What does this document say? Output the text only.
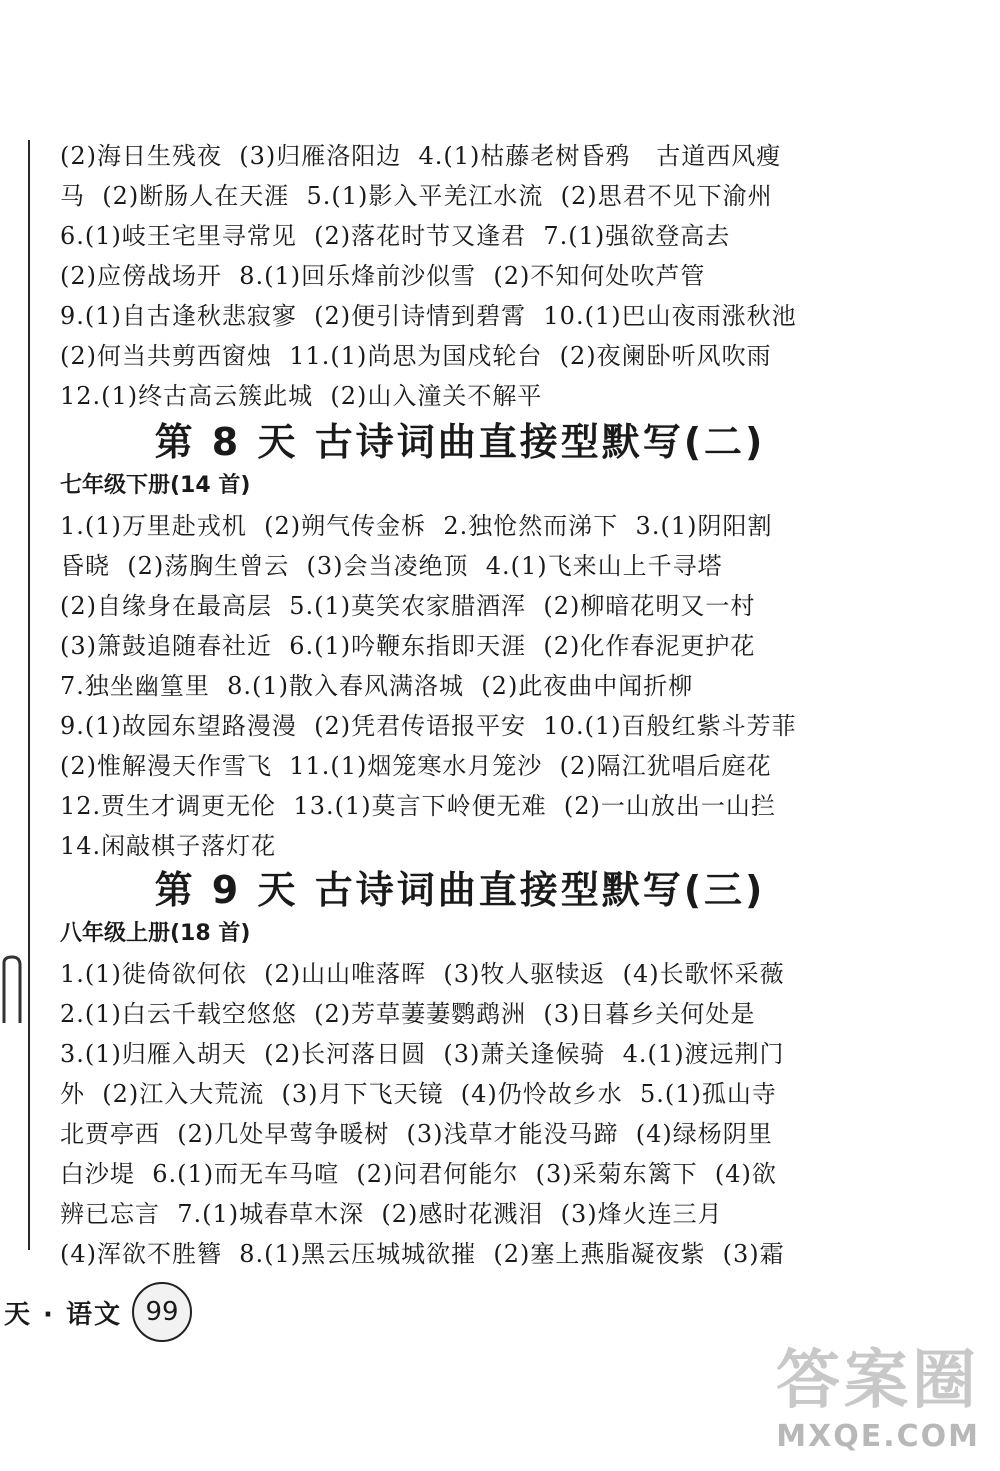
(2)海日生残夜  (3)归雁洛阳边  4.(1)枯藤老树昏鸦   古道西风瘦
马  (2)断肠人在天涯  5.(1)影入平羌江水流  (2)思君不见下渝州
6.(1)岐王宅里寻常见  (2)落花时节又逢君  7.(1)强欲登高去
(2)应傍战场开  8.(1)回乐烽前沙似雪  (2)不知何处吹芦管
9.(1)自古逢秋悲寂寥  (2)便引诗情到碧霄  10.(1)巴山夜雨涨秋池
(2)何当共剪西窗烛  11.(1)尚思为国戍轮台  (2)夜阑卧听风吹雨
12.(1)终古高云簇此城  (2)山入潼关不解平
第 8 天 古诗词曲直接型默写(二)
七年级下册(14 首)
1.(1)万里赴戎机  (2)朔气传金柝  2.独怆然而涕下  3.(1)阴阳割
昏晓  (2)荡胸生曾云  (3)会当凌绝顶  4.(1)飞来山上千寻塔
(2)自缘身在最高层  5.(1)莫笑农家腊酒浑  (2)柳暗花明又一村
(3)箫鼓追随春社近  6.(1)吟鞭东指即天涯  (2)化作春泥更护花
7.独坐幽篁里  8.(1)散入春风满洛城  (2)此夜曲中闻折柳
9.(1)故园东望路漫漫  (2)凭君传语报平安  10.(1)百般红紫斗芳菲
(2)惟解漫天作雪飞  11.(1)烟笼寒水月笼沙  (2)隔江犹唱后庭花
12.贾生才调更无伦  13.(1)莫言下岭便无难  (2)一山放出一山拦
14.闲敲棋子落灯花
第 9 天 古诗词曲直接型默写(三)
八年级上册(18 首)
1.(1)徙倚欲何依  (2)山山唯落晖  (3)牧人驱犊返  (4)长歌怀采薇
2.(1)白云千载空悠悠  (2)芳草萋萋鹦鹉洲  (3)日暮乡关何处是
3.(1)归雁入胡天  (2)长河落日圆  (3)萧关逢候骑  4.(1)渡远荆门
外  (2)江入大荒流  (3)月下飞天镜  (4)仍怜故乡水  5.(1)孤山寺
北贾亭西  (2)几处早莺争暖树  (3)浅草才能没马蹄  (4)绿杨阴里
白沙堤  6.(1)而无车马喧  (2)问君何能尔  (3)采菊东篱下  (4)欲
辨已忘言  7.(1)城春草木深  (2)感时花溅泪  (3)烽火连三月
(4)浑欲不胜簪  8.(1)黑云压城城欲摧  (2)塞上燕脂凝夜紫  (3)霜
天 · 语文 99
答案圈
MXQE.COM
